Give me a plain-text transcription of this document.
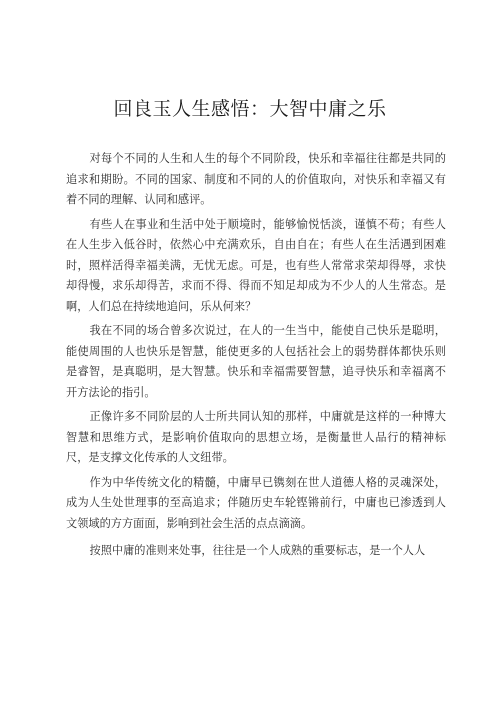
回良玉人生感悟：大智中庸之乐

对每个不同的人生和人生的每个不同阶段，快乐和幸福往往都是共同的追求和期盼。不同的国家、制度和不同的人的价值取向，对快乐和幸福又有着不同的理解、认同和感评。

有些人在事业和生活中处于顺境时，能够愉悦恬淡，谨慎不苟；有些人在人生步入低谷时，依然心中充满欢乐，自由自在；有些人在生活遇到困难时，照样活得幸福美满，无忧无虑。可是，也有些人常常求荣却得辱，求快却得慢，求乐却得苦，求而不得、得而不知足却成为不少人的人生常态。是啊，人们总在持续地追问，乐从何来？

我在不同的场合曾多次说过，在人的一生当中，能使自己快乐是聪明，能使周围的人也快乐是智慧，能使更多的人包括社会上的弱势群体都快乐则是睿智，是真聪明，是大智慧。快乐和幸福需要智慧，追寻快乐和幸福离不开方法论的指引。

正像许多不同阶层的人士所共同认知的那样，中庸就是这样的一种博大智慧和思维方式，是影响价值取向的思想立场，是衡量世人品行的精神标尺，是支撑文化传承的人文纽带。

作为中华传统文化的精髓，中庸早已镌刻在世人道德人格的灵魂深处，成为人生处世理事的至高追求；伴随历史车轮铿锵前行，中庸也已渗透到人文领域的方方面面，影响到社会生活的点点滴滴。

按照中庸的准则来处事，往往是一个人成熟的重要标志，是一个人人
